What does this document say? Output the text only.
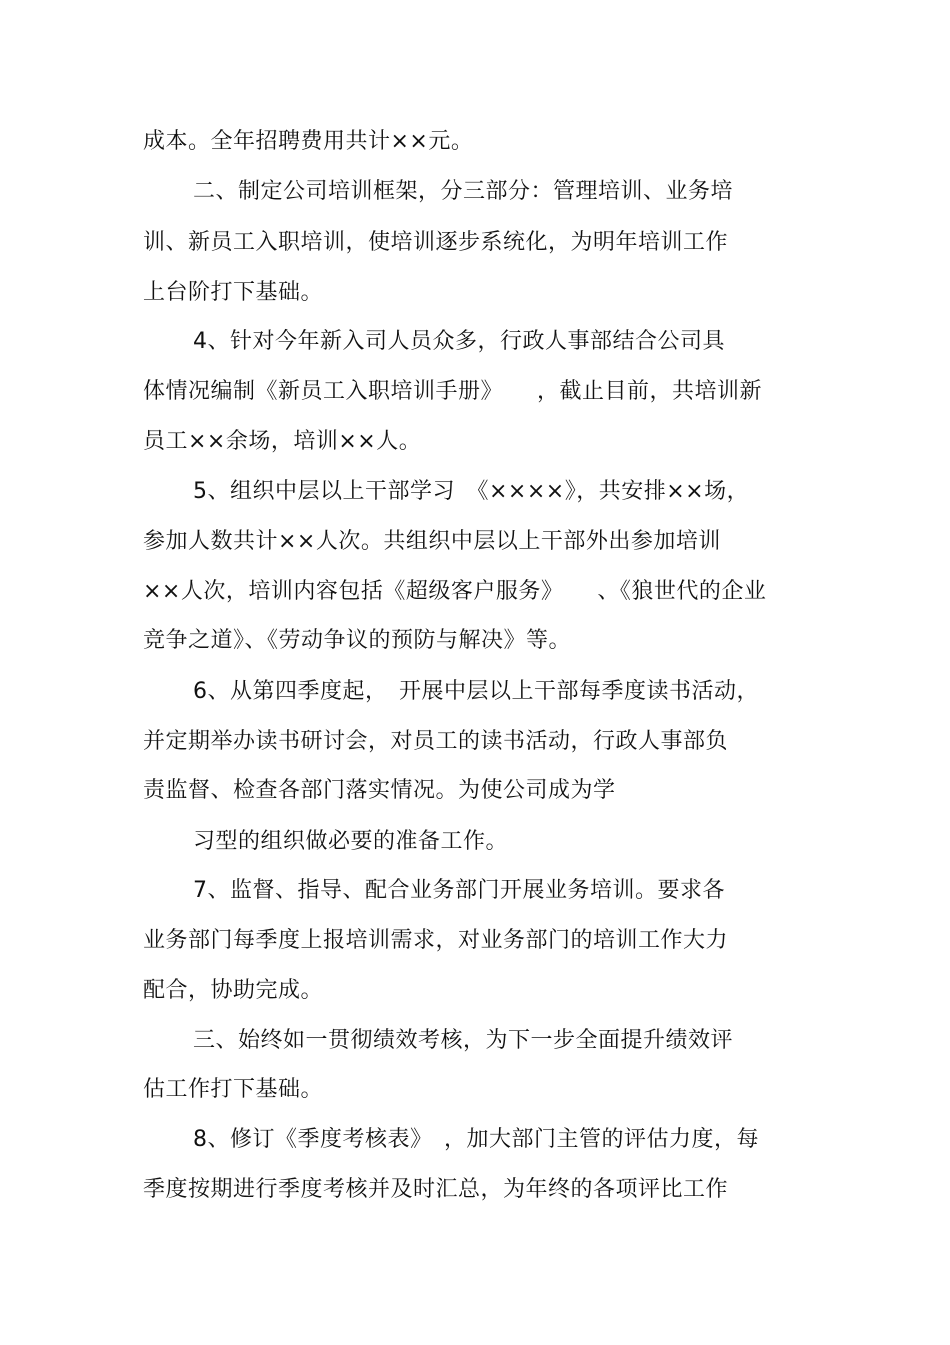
成本。全年招聘费用共计××元。
二、制定公司培训框架，分三部分：管理培训、业务培
训、新员工入职培训，使培训逐步系统化，为明年培训工作
上台阶打下基础。
4、针对今年新入司人员众多，行政人事部结合公司具
体情况编制《新员工入职培训手册》　　，截止目前，共培训新
员工××余场，培训××人。
5、组织中层以上干部学习　《××××》，共安排××场，
参加人数共计××人次。共组织中层以上干部外出参加培训
××人次，培训内容包括《超级客户服务》　　、《狼世代的企业
竞争之道》、《劳动争议的预防与解决》等。
6、从第四季度起，　开展中层以上干部每季度读书活动，
并定期举办读书研讨会，对员工的读书活动，行政人事部负
责监督、检查各部门落实情况。为使公司成为学
习型的组织做必要的准备工作。
7、监督、指导、配合业务部门开展业务培训。要求各
业务部门每季度上报培训需求，对业务部门的培训工作大力
配合，协助完成。
三、始终如一贯彻绩效考核，为下一步全面提升绩效评
估工作打下基础。
8、修订《季度考核表》　，加大部门主管的评估力度，每
季度按期进行季度考核并及时汇总，为年终的各项评比工作
